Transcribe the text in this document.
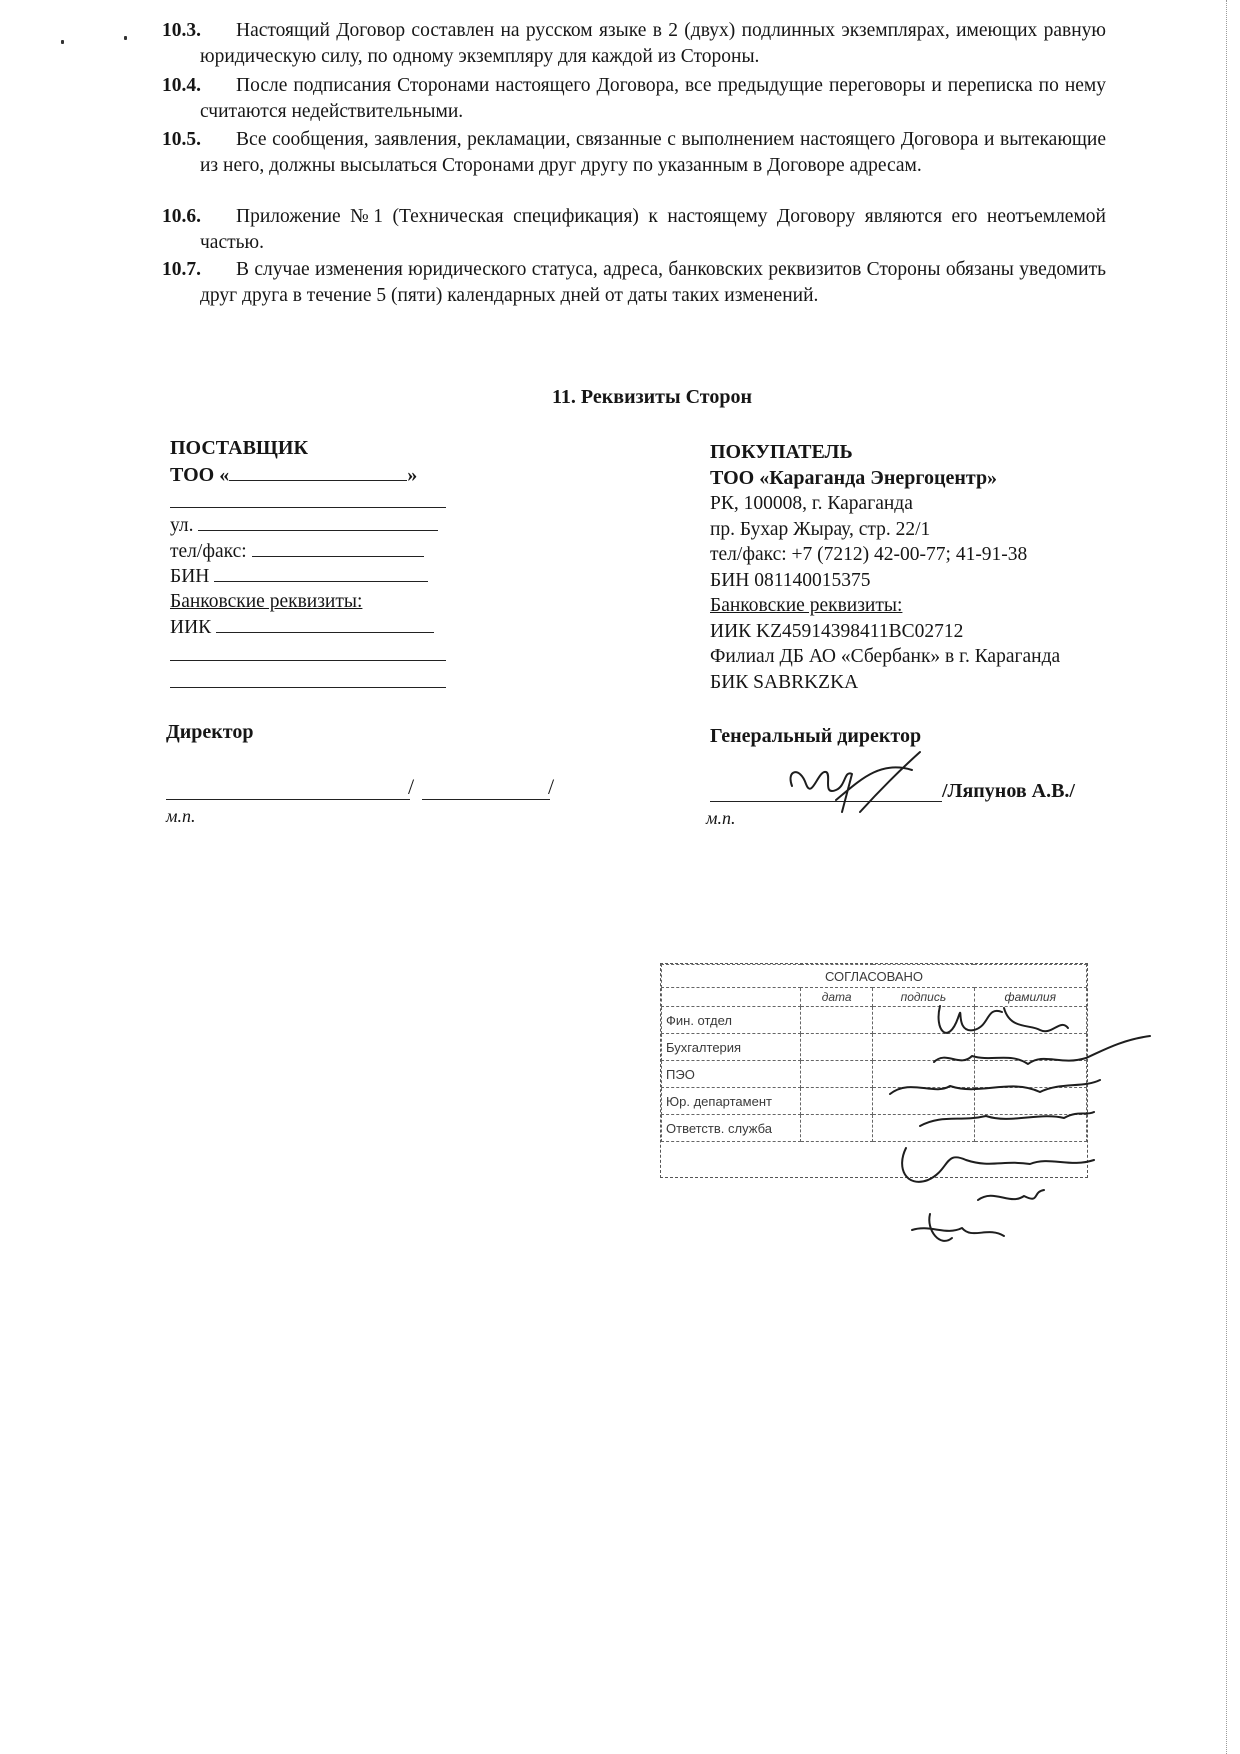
10.3.	Настоящий Договор составлен на русском языке в 2 (двух) подлинных экземплярах, имеющих равную юридическую силу, по одному экземпляру для каждой из Стороны.
10.4.	После подписания Сторонами настоящего Договора, все предыдущие переговоры и переписка по нему считаются недействительными.
10.5.	Все сообщения, заявления, рекламации, связанные с выполнением настоящего Договора и вытекающие из него, должны высылаться Сторонами друг другу по указанным в Договоре адресам.
10.6.	Приложение №1 (Техническая спецификация) к настоящему Договору являются его неотъемлемой частью.
10.7.	В случае изменения юридического статуса, адреса, банковских реквизитов Стороны обязаны уведомить друг друга в течение 5 (пяти) календарных дней от даты таких изменений.
11. Реквизиты Сторон
ПОСТАВЩИК
ТОО «	»
ул.
тел/факс:
БИН
Банковские реквизиты:
ИИК
Директор
/	/
м.п.
ПОКУПАТЕЛЬ
ТОО «Караганда Энергоцентр»
РК, 100008, г. Караганда
пр. Бухар Жырау, стр. 22/1
тел/факс: +7 (7212) 42-00-77; 41-91-38
БИН 081140015375
Банковские реквизиты:
ИИК KZ45914398411BC02712
Филиал ДБ АО «Сбербанк» в г. Караганда
БИК SABRKZKA
Генеральный директор
/Ляпунов А.В./
м.п.
СОГЛАСОВАНО			
	дата	подпись	фамилия
Фин. отдел			
Бухгалтерия			
ПЭО			
Юр. департамент			
Ответств. служба			
